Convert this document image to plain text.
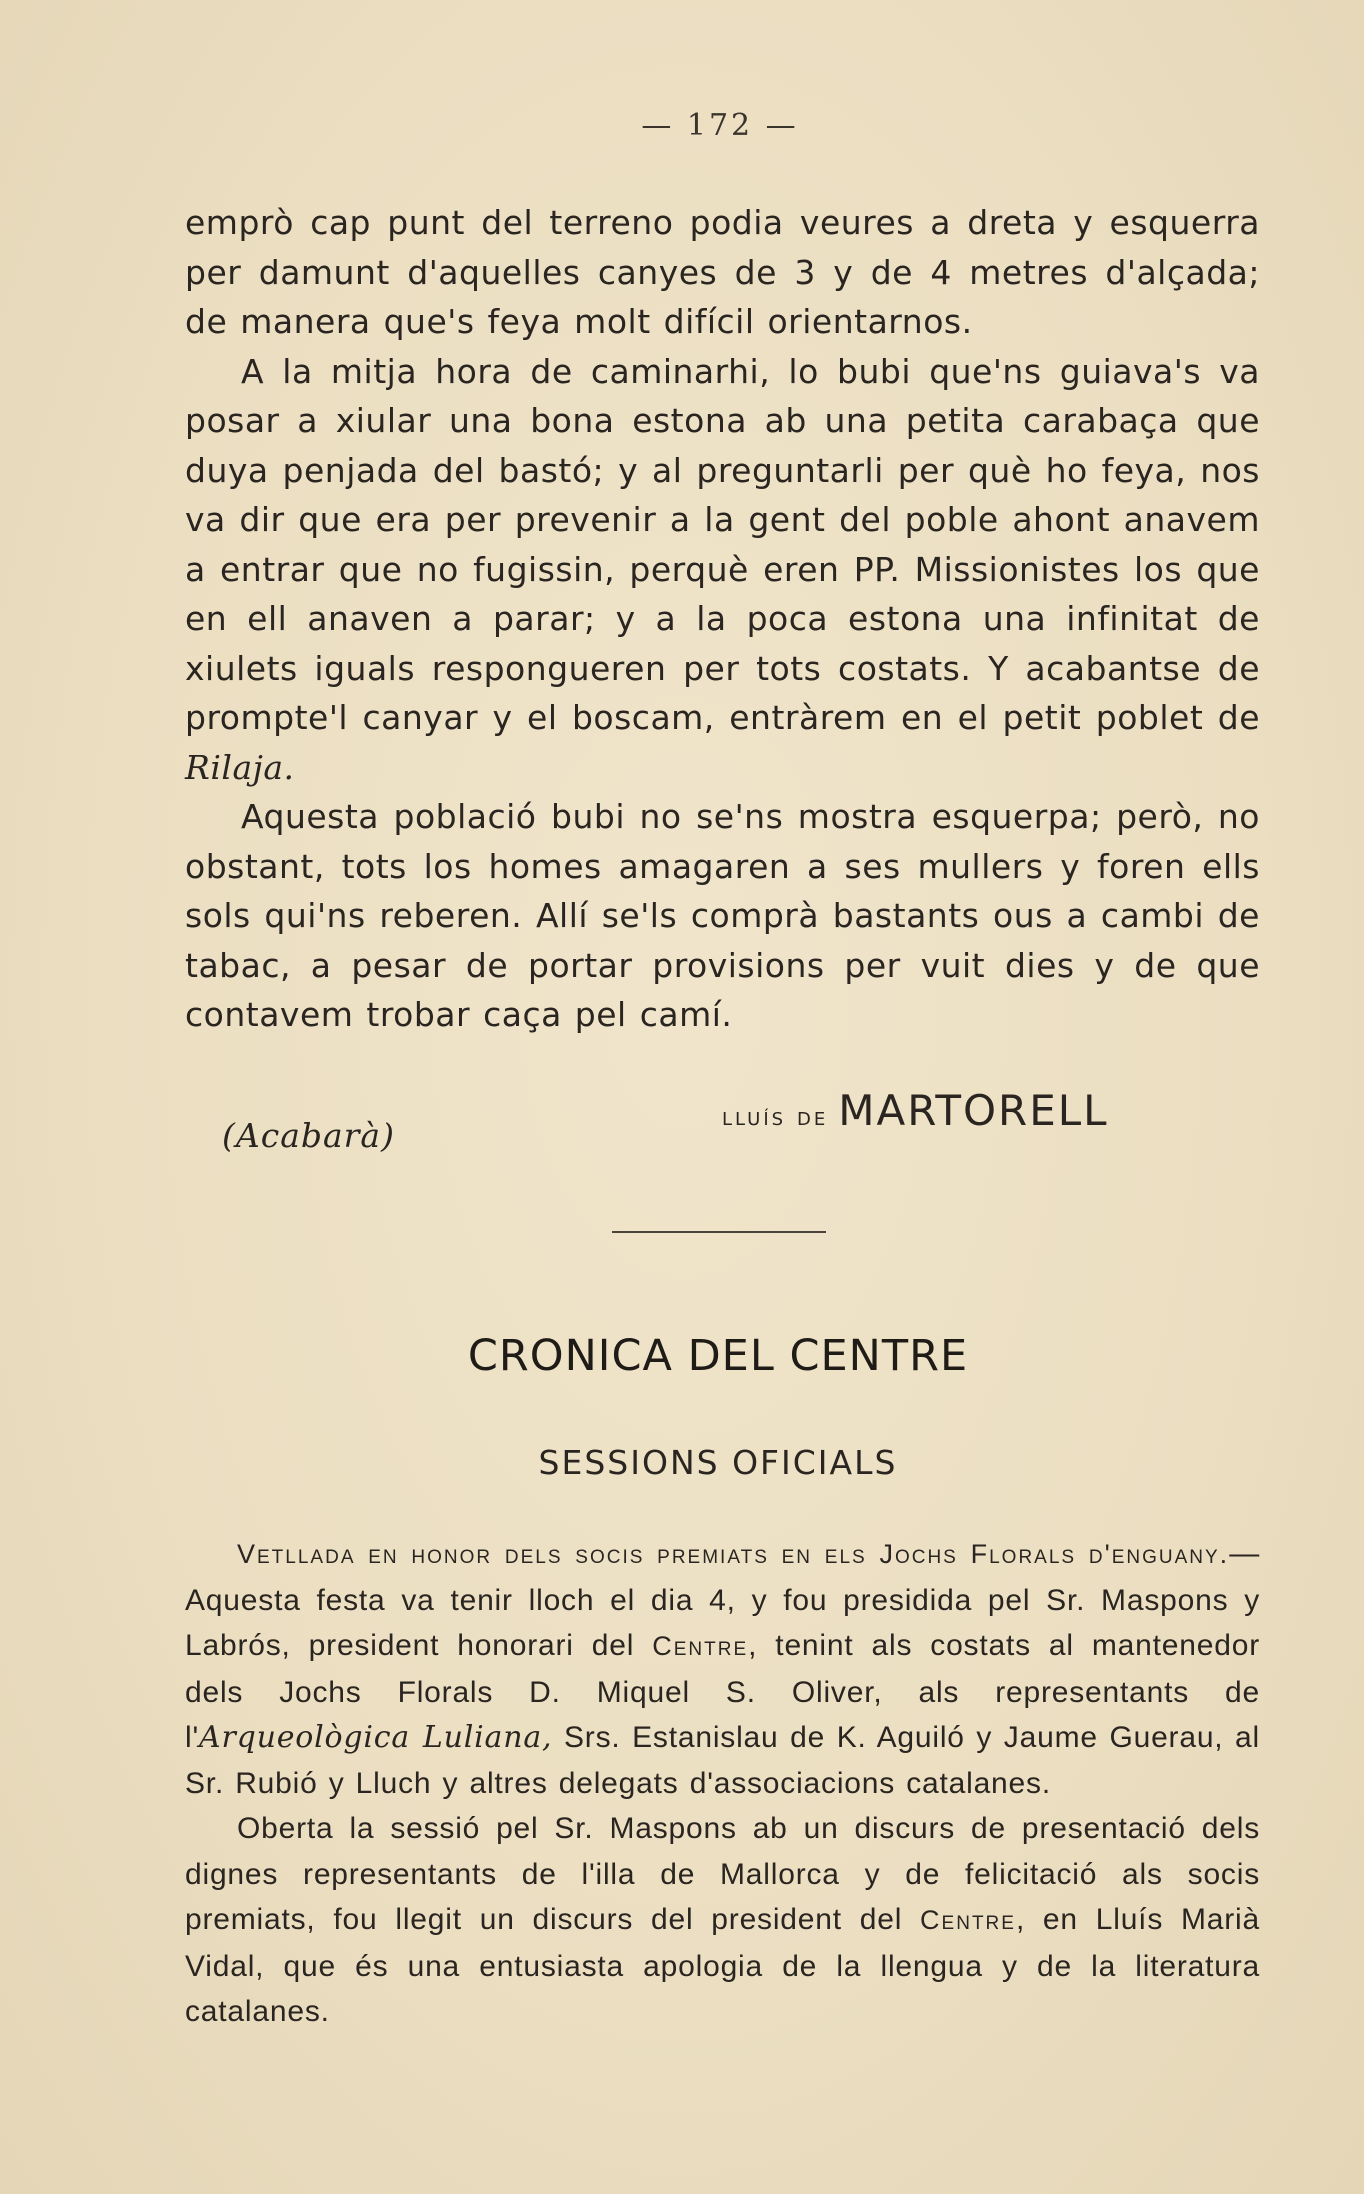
— 172 —

emprò cap punt del terreno podia veures a dreta y esquerra per damunt d'aquelles canyes de 3 y de 4 metres d'alçada; de manera que's feya molt difícil orientarnos.

A la mitja hora de caminarhi, lo bubi que'ns guiava's va posar a xiular una bona estona ab una petita carabaça que duya penjada del bastó; y al preguntarli per què ho feya, nos va dir que era per prevenir a la gent del poble ahont anavem a entrar que no fugissin, perquè eren PP. Missionistes los que en ell anaven a parar; y a la poca estona una infinitat de xiulets iguals respongueren per tots costats. Y acabantse de prompte'l canyar y el boscam, entràrem en el petit poblet de Rilaja.

Aquesta població bubi no se'ns mostra esquerpa; però, no obstant, tots los homes amagaren a ses mullers y foren ells sols qui'ns reberen. Allí se'ls comprà bastants ous a cambi de tabac, a pesar de portar provisions per vuit dies y de que contavem trobar caça pel camí.

lluís de MARTORELL
(Acabarà)
CRONICA DEL CENTRE
SESSIONS OFICIALS

Vetllada en honor dels socis premiats en els Jochs Florals d'enguany.— Aquesta festa va tenir lloch el dia 4, y fou presidida pel Sr. Maspons y Labrós, president honorari del Centre, tenint als costats al mantenedor dels Jochs Florals D. Miquel S. Oliver, als representants de l'Arqueològica Luliana, Srs. Estanislau de K. Aguiló y Jaume Guerau, al Sr. Rubió y Lluch y altres delegats d'associacions catalanes.

Oberta la sessió pel Sr. Maspons ab un discurs de presentació dels dignes representants de l'illa de Mallorca y de felicitació als socis premiats, fou llegit un discurs del president del Centre, en Lluís Marià Vidal, que és una entusiasta apologia de la llengua y de la literatura catalanes.
